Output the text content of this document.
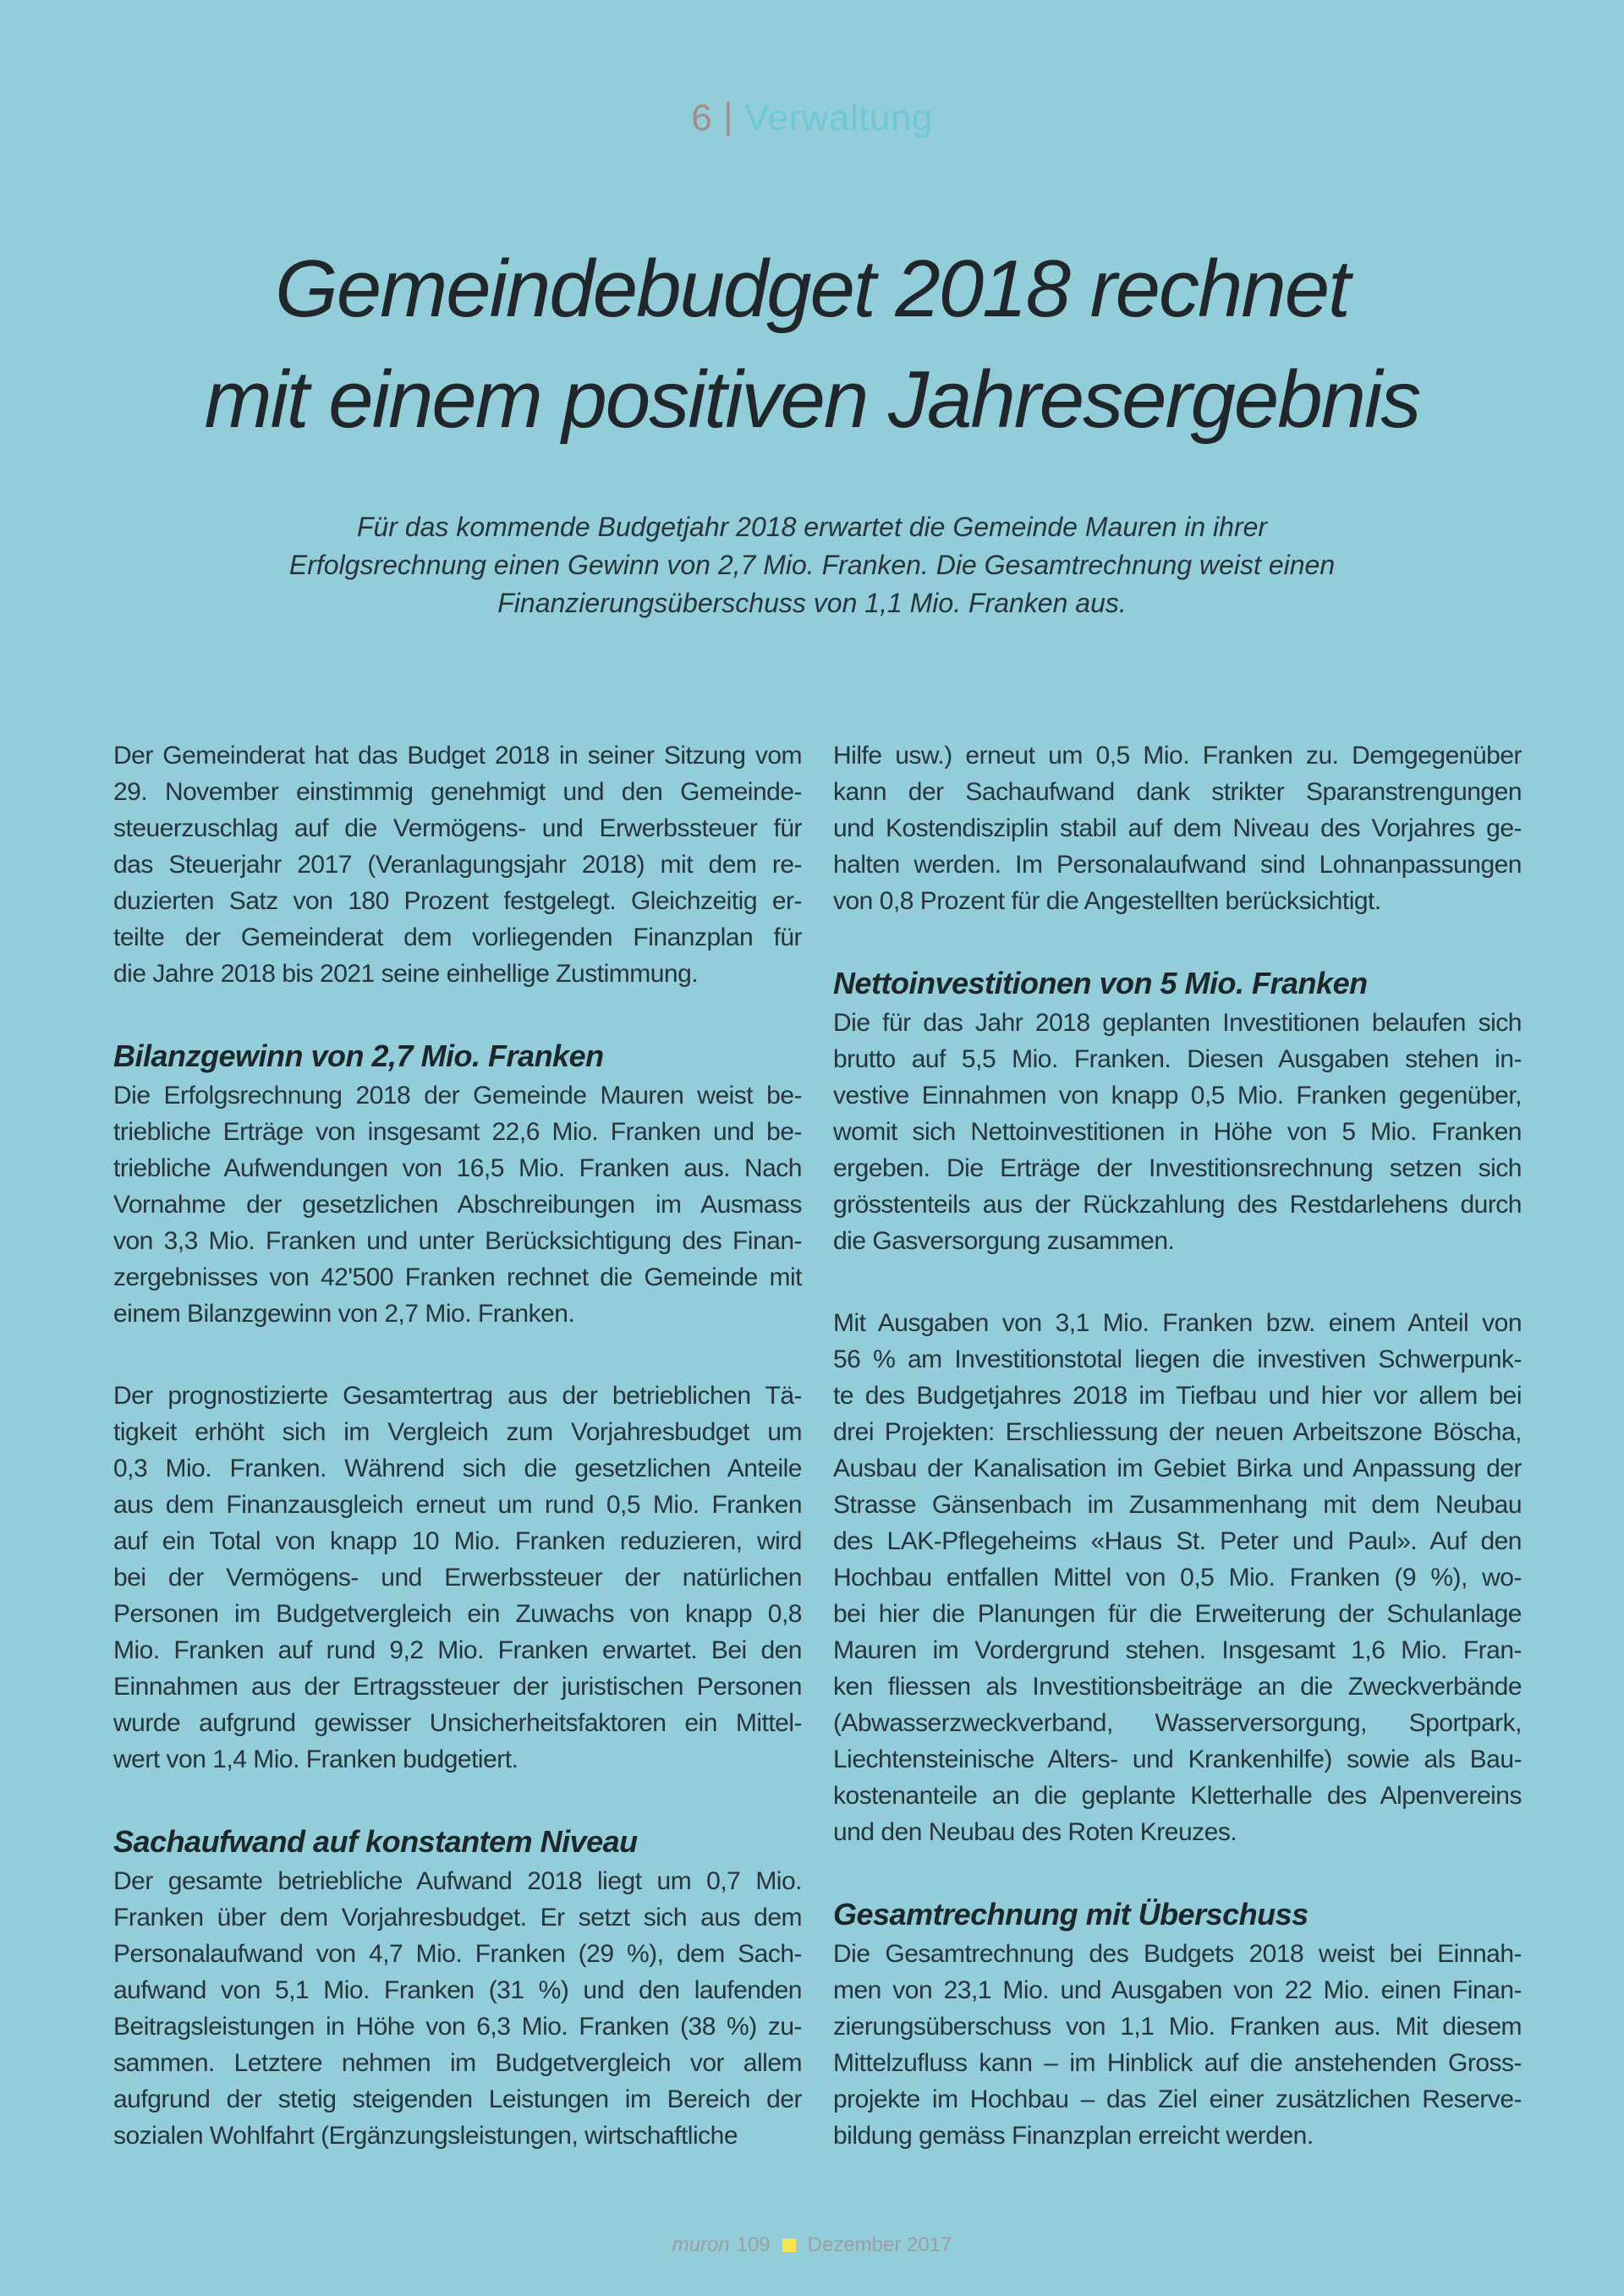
6 | Verwaltung
Gemeindebudget 2018 rechnet
mit einem positiven Jahresergebnis
Für das kommende Budgetjahr 2018 erwartet die Gemeinde Mauren in ihrer
Erfolgsrechnung einen Gewinn von 2,7 Mio. Franken. Die Gesamtrechnung weist einen
Finanzierungsüberschuss von 1,1 Mio. Franken aus.
Der Gemeinderat hat das Budget 2018 in seiner Sitzung vom
29. November einstimmig genehmigt und den Gemeinde-
steuerzuschlag auf die Vermögens- und Erwerbssteuer für
das Steuerjahr 2017 (Veranlagungsjahr 2018) mit dem re-
duzierten Satz von 180 Prozent festgelegt. Gleichzeitig er-
teilte der Gemeinderat dem vorliegenden Finanzplan für
die Jahre 2018 bis 2021 seine einhellige Zustimmung.
Bilanzgewinn von 2,7 Mio. Franken
Die Erfolgsrechnung 2018 der Gemeinde Mauren weist be-
triebliche Erträge von insgesamt 22,6 Mio. Franken und be-
triebliche Aufwendungen von 16,5 Mio. Franken aus. Nach
Vornahme der gesetzlichen Abschreibungen im Ausmass
von 3,3 Mio. Franken und unter Berücksichtigung des Finan-
zergebnisses von 42'500 Franken rechnet die Gemeinde mit
einem Bilanzgewinn von 2,7 Mio. Franken.
Der prognostizierte Gesamtertrag aus der betrieblichen Tä-
tigkeit erhöht sich im Vergleich zum Vorjahresbudget um
0,3 Mio. Franken. Während sich die gesetzlichen Anteile
aus dem Finanzausgleich erneut um rund 0,5 Mio. Franken
auf ein Total von knapp 10 Mio. Franken reduzieren, wird
bei der Vermögens- und Erwerbssteuer der natürlichen
Personen im Budgetvergleich ein Zuwachs von knapp 0,8
Mio. Franken auf rund 9,2 Mio. Franken erwartet. Bei den
Einnahmen aus der Ertragssteuer der juristischen Personen
wurde aufgrund gewisser Unsicherheitsfaktoren ein Mittel-
wert von 1,4 Mio. Franken budgetiert.
Sachaufwand auf konstantem Niveau
Der gesamte betriebliche Aufwand 2018 liegt um 0,7 Mio.
Franken über dem Vorjahresbudget. Er setzt sich aus dem
Personalaufwand von 4,7 Mio. Franken (29 %), dem Sach-
aufwand von 5,1 Mio. Franken (31 %) und den laufenden
Beitragsleistungen in Höhe von 6,3 Mio. Franken (38 %) zu-
sammen. Letztere nehmen im Budgetvergleich vor allem
aufgrund der stetig steigenden Leistungen im Bereich der
sozialen Wohlfahrt (Ergänzungsleistungen, wirtschaftliche
Hilfe usw.) erneut um 0,5 Mio. Franken zu. Demgegenüber
kann der Sachaufwand dank strikter Sparanstrengungen
und Kostendisziplin stabil auf dem Niveau des Vorjahres ge-
halten werden. Im Personalaufwand sind Lohnanpassungen
von 0,8 Prozent für die Angestellten berücksichtigt.
Nettoinvestitionen von 5 Mio. Franken
Die für das Jahr 2018 geplanten Investitionen belaufen sich
brutto auf 5,5 Mio. Franken. Diesen Ausgaben stehen in-
vestive Einnahmen von knapp 0,5 Mio. Franken gegenüber,
womit sich Nettoinvestitionen in Höhe von 5 Mio. Franken
ergeben. Die Erträge der Investitionsrechnung setzen sich
grösstenteils aus der Rückzahlung des Restdarlehens durch
die Gasversorgung zusammen.
Mit Ausgaben von 3,1 Mio. Franken bzw. einem Anteil von
56 % am Investitionstotal liegen die investiven Schwerpunk-
te des Budgetjahres 2018 im Tiefbau und hier vor allem bei
drei Projekten: Erschliessung der neuen Arbeitszone Böscha,
Ausbau der Kanalisation im Gebiet Birka und Anpassung der
Strasse Gänsenbach im Zusammenhang mit dem Neubau
des LAK-Pflegeheims «Haus St. Peter und Paul». Auf den
Hochbau entfallen Mittel von 0,5 Mio. Franken (9 %), wo-
bei hier die Planungen für die Erweiterung der Schulanlage
Mauren im Vordergrund stehen. Insgesamt 1,6 Mio. Fran-
ken fliessen als Investitionsbeiträge an die Zweckverbände
(Abwasserzweckverband, Wasserversorgung, Sportpark,
Liechtensteinische Alters- und Krankenhilfe) sowie als Bau-
kostenanteile an die geplante Kletterhalle des Alpenvereins
und den Neubau des Roten Kreuzes.
Gesamtrechnung mit Überschuss
Die Gesamtrechnung des Budgets 2018 weist bei Einnah-
men von 23,1 Mio. und Ausgaben von 22 Mio. einen Finan-
zierungsüberschuss von 1,1 Mio. Franken aus. Mit diesem
Mittelzufluss kann – im Hinblick auf die anstehenden Gross-
projekte im Hochbau – das Ziel einer zusätzlichen Reserve-
bildung gemäss Finanzplan erreicht werden.
muron 109 Dezember 2017
